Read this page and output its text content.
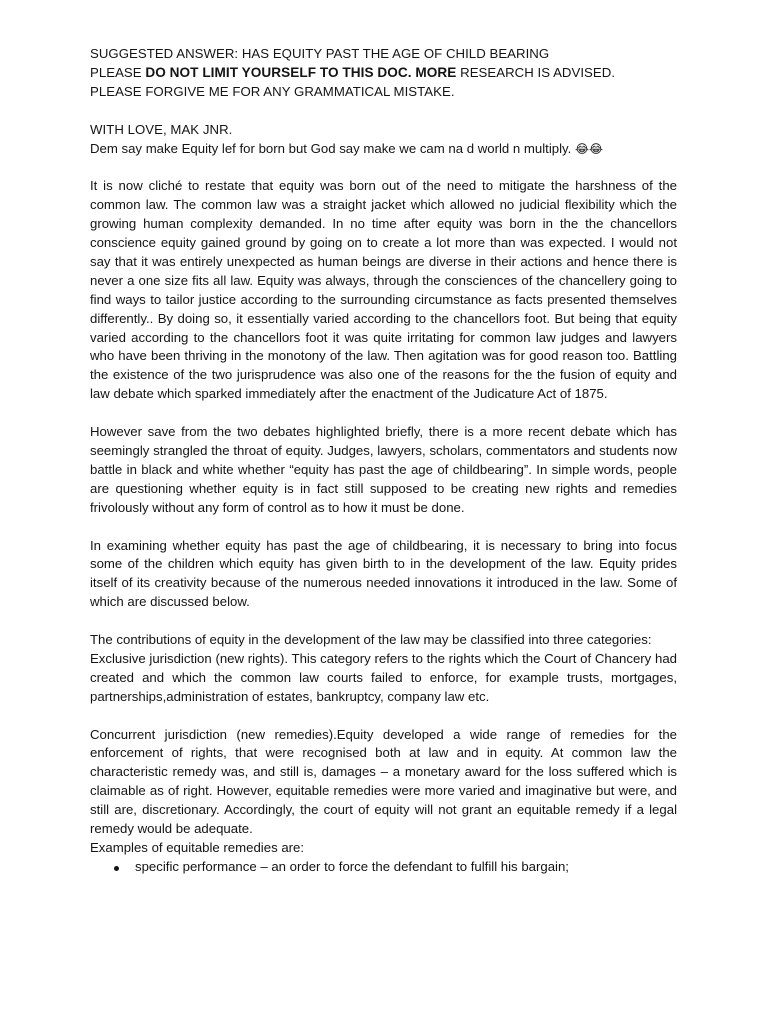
SUGGESTED ANSWER: HAS EQUITY PAST THE AGE OF CHILD BEARING
PLEASE DO NOT LIMIT YOURSELF TO THIS DOC. MORE RESEARCH IS ADVISED.
PLEASE FORGIVE ME FOR ANY GRAMMATICAL MISTAKE.
WITH LOVE, MAK JNR.
Dem say make Equity lef for born but God say make we cam na d world n multiply. 😂😂

It is now cliché to restate that equity was born out of the need to mitigate the harshness of the common law. The common law was a straight jacket which allowed no judicial flexibility which the growing human complexity demanded. In no time after equity was born in the the chancellors conscience equity gained ground by going on to create a lot more than was expected. I would not say that it was entirely unexpected as human beings are diverse in their actions and hence there is never a one size fits all law. Equity was always, through the consciences of the chancellery going to find ways to tailor justice according to the surrounding circumstance as facts presented themselves differently.. By doing so, it essentially varied according to the chancellors foot. But being that equity varied according to the chancellors foot it was quite irritating for common law judges and lawyers who have been thriving in the monotony of the law. Then agitation was for good reason too. Battling the existence of the two jurisprudence was also one of the reasons for the the fusion of equity and law debate which sparked immediately after the enactment of the Judicature Act of 1875.

However save from the two debates highlighted briefly, there is a more recent debate which has seemingly strangled the throat of equity. Judges, lawyers, scholars, commentators and students now battle in black and white whether “equity has past the age of childbearing”. In simple words, people are questioning whether equity is in fact still supposed to be creating new rights and remedies frivolously without any form of control as to how it must be done.

In examining whether equity has past the age of childbearing, it is necessary to bring into focus some of the children which equity has given birth to in the development of the law. Equity prides itself of its creativity because of the numerous needed innovations it introduced in the law. Some of which are discussed below.

The contributions of equity in the development of the law may be classified into three categories:

Exclusive jurisdiction (new rights). This category refers to the rights which the Court of Chancery had created and which the common law courts failed to enforce, for example trusts, mortgages, partnerships,administration of estates, bankruptcy, company law etc.

Concurrent jurisdiction (new remedies).Equity developed a wide range of remedies for the enforcement of rights, that were recognised both at law and in equity. At common law the characteristic remedy was, and still is, damages – a monetary award for the loss suffered which is claimable as of right. However, equitable remedies were more varied and imaginative but were, and still are, discretionary. Accordingly, the court of equity will not grant an equitable remedy if a legal remedy would be adequate.

Examples of equitable remedies are:

specific performance – an order to force the defendant to fulfill his bargain;
